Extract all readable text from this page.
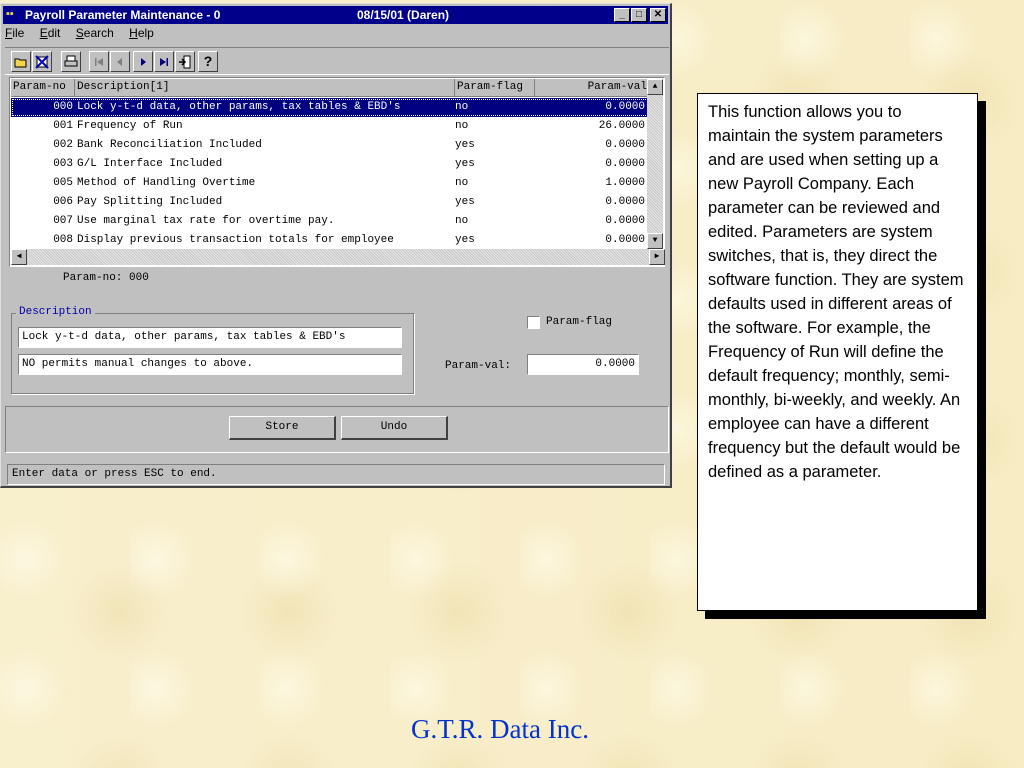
▪▪ Payroll Parameter Maintenance - 0	08/15/01 (Daren)	_	□	✕
File Edit Search Help
?
Param-no	Description[1]	Param-flag	Param-val
000 Lock y-t-d data, other params, tax tables & EBD's	no	0.0000
001 Frequency of Run	no	26.0000
002 Bank Reconciliation Included	yes	0.0000
003 G/L Interface Included	yes	0.0000
005 Method of Handling Overtime	no	1.0000
006 Pay Splitting Included	yes	0.0000
007 Use marginal tax rate for overtime pay.	no	0.0000
008 Display previous transaction totals for employee	yes	0.0000
▲
▼
◀	▶
Param-no: 000
Description
Lock y-t-d data, other params, tax tables & EBD's
NO permits manual changes to above.
Param-flag
Param-val:	0.0000
Store	Undo
Enter data or press ESC to end.
This function allows you to maintain the system parameters and are used when setting up a new Payroll Company. Each parameter can be reviewed and edited. Parameters are system switches, that is, they direct the software function. They are system defaults used in different areas of the software. For example, the Frequency of Run will define the default frequency; monthly, semi-monthly, bi-weekly, and weekly. An employee can have a different frequency but the default would be defined as a parameter.
G.T.R. Data Inc.
